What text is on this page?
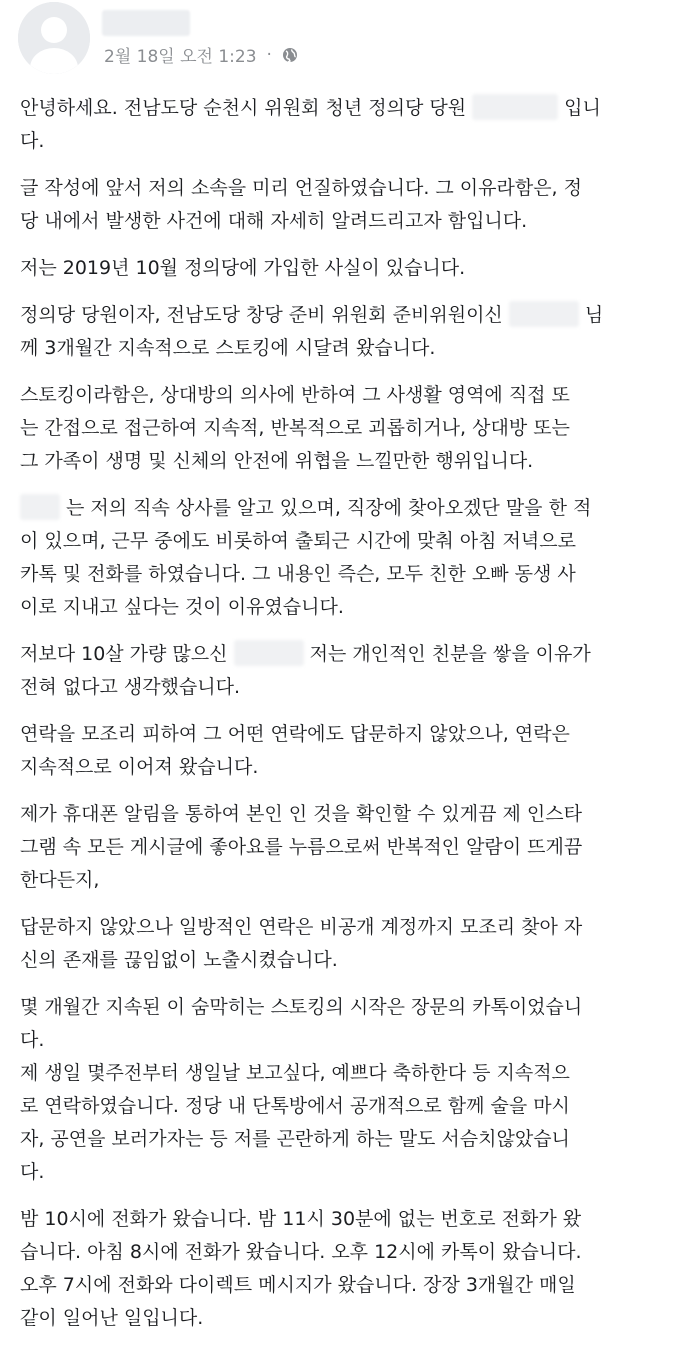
2월 18일 오전 1:23 ·
안녕하세요. 전남도당 순천시 위원회 청년 정의당 당원	입니
다.
글 작성에 앞서 저의 소속을 미리 언질하였습니다. 그 이유라함은, 정
당 내에서 발생한 사건에 대해 자세히 알려드리고자 함입니다.
저는 2019년 10월 정의당에 가입한 사실이 있습니다.
정의당 당원이자, 전남도당 창당 준비 위원회 준비위원이신	님
께 3개월간 지속적으로 스토킹에 시달려 왔습니다.
스토킹이라함은, 상대방의 의사에 반하여 그 사생활 영역에 직접 또
는 간접으로 접근하여 지속적, 반복적으로 괴롭히거나, 상대방 또는
그 가족이 생명 및 신체의 안전에 위협을 느낄만한 행위입니다.
는 저의 직속 상사를 알고 있으며, 직장에 찾아오겠단 말을 한 적
이 있으며, 근무 중에도 비롯하여 출퇴근 시간에 맞춰 아침 저녁으로
카톡 및 전화를 하였습니다. 그 내용인 즉슨, 모두 친한 오빠 동생 사
이로 지내고 싶다는 것이 이유였습니다.
저보다 10살 가량 많으신	저는 개인적인 친분을 쌓을 이유가
전혀 없다고 생각했습니다.
연락을 모조리 피하여 그 어떤 연락에도 답문하지 않았으나, 연락은
지속적으로 이어져 왔습니다.
제가 휴대폰 알림을 통하여 본인 인 것을 확인할 수 있게끔 제 인스타
그램 속 모든 게시글에 좋아요를 누름으로써 반복적인 알람이 뜨게끔
한다든지,
답문하지 않았으나 일방적인 연락은 비공개 계정까지 모조리 찾아 자
신의 존재를 끊임없이 노출시켰습니다.
몇 개월간 지속된 이 숨막히는 스토킹의 시작은 장문의 카톡이었습니
다.
제 생일 몇주전부터 생일날 보고싶다, 예쁘다 축하한다 등 지속적으
로 연락하였습니다. 정당 내 단톡방에서 공개적으로 함께 술을 마시
자, 공연을 보러가자는 등 저를 곤란하게 하는 말도 서슴치않았습니
다.
밤 10시에 전화가 왔습니다. 밤 11시 30분에 없는 번호로 전화가 왔
습니다. 아침 8시에 전화가 왔습니다. 오후 12시에 카톡이 왔습니다.
오후 7시에 전화와 다이렉트 메시지가 왔습니다. 장장 3개월간 매일
같이 일어난 일입니다.
